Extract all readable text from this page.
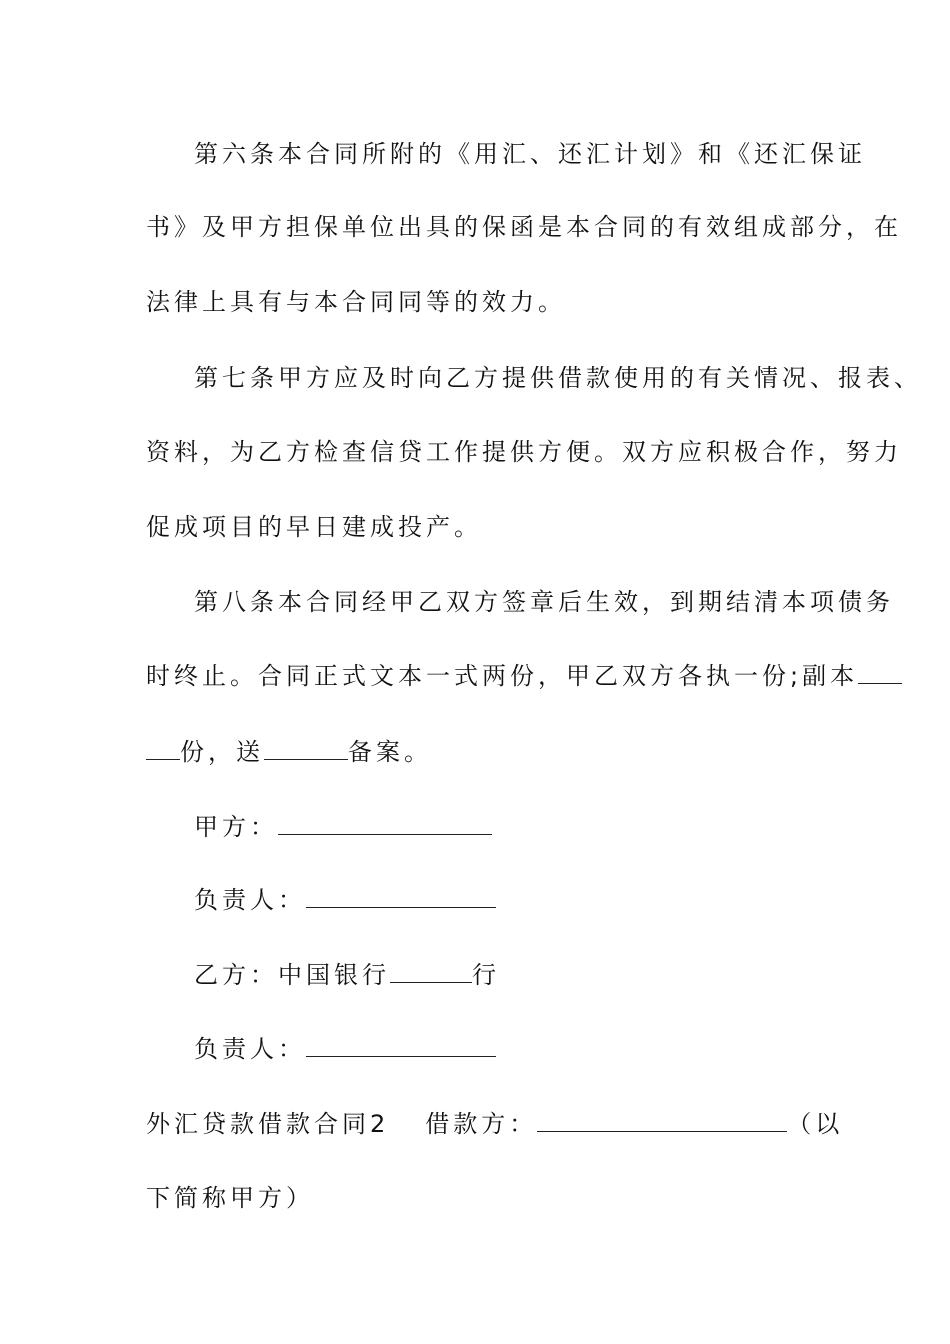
第六条本合同所附的《用汇、还汇计划》和《还汇保证
书》及甲方担保单位出具的保函是本合同的有效组成部分，在
法律上具有与本合同同等的效力。
第七条甲方应及时向乙方提供借款使用的有关情况、报表、
资料，为乙方检查信贷工作提供方便。双方应积极合作，努力
促成项目的早日建成投产。
第八条本合同经甲乙双方签章后生效，到期结清本项债务
时终止。合同正式文本一式两份，甲乙双方各执一份;副本
份，送	备案。
甲方：
负责人：
乙方：中国银行	行
负责人：
外汇贷款借款合同2 借款方：	（以
下简称甲方）
